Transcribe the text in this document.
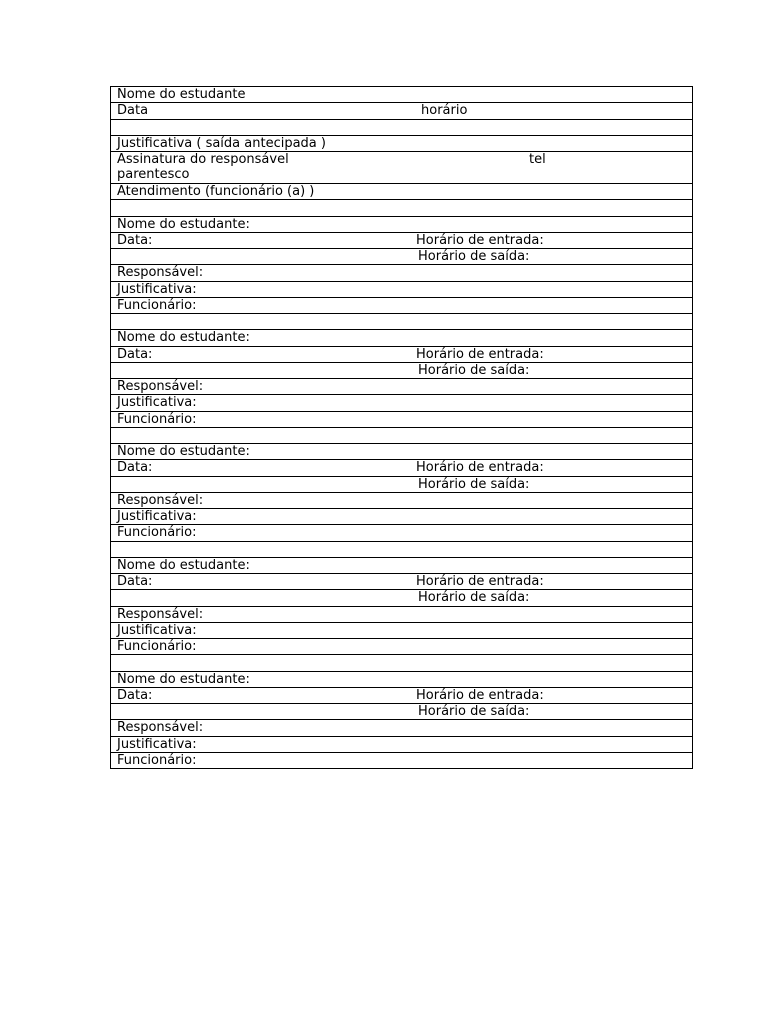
Nome do estudante
Data	horário
Justificativa ( saída antecipada )
Assinatura do responsável	tel
parentesco
Atendimento (funcionário (a) )
Nome do estudante:
Data:	Horário de entrada:
Horário de saída:
Responsável:
Justificativa:
Funcionário:
Nome do estudante:
Data:	Horário de entrada:
Horário de saída:
Responsável:
Justificativa:
Funcionário:
Nome do estudante:
Data:	Horário de entrada:
Horário de saída:
Responsável:
Justificativa:
Funcionário:
Nome do estudante:
Data:	Horário de entrada:
Horário de saída:
Responsável:
Justificativa:
Funcionário:
Nome do estudante:
Data:	Horário de entrada:
Horário de saída:
Responsável:
Justificativa:
Funcionário:
